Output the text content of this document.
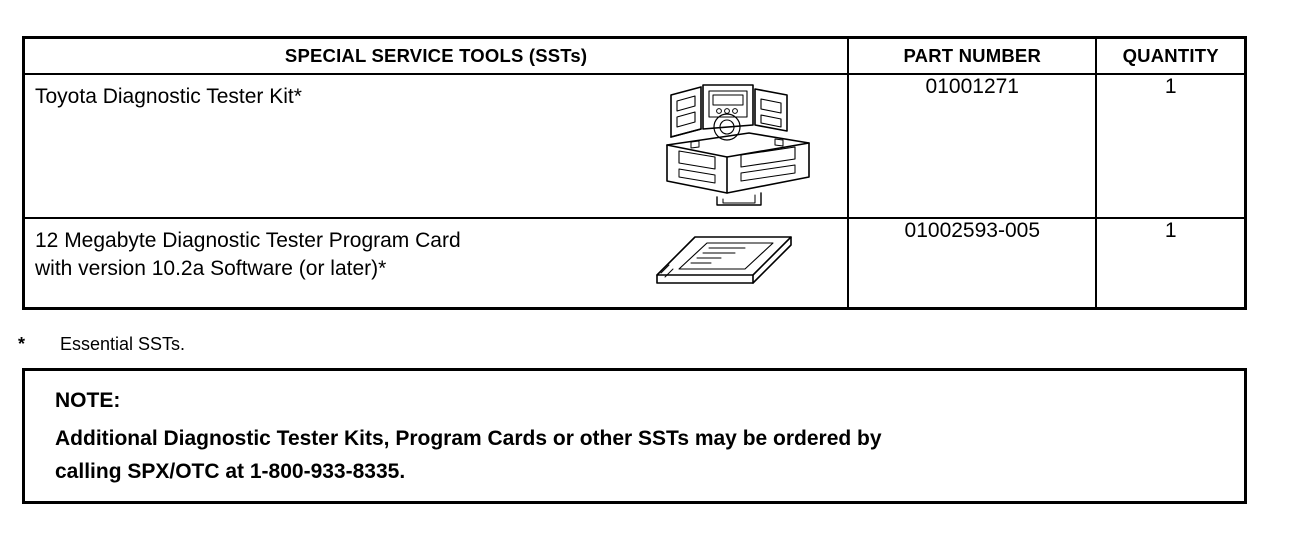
SPECIAL SERVICE TOOLS (SSTs)	PART NUMBER	QUANTITY

Toyota Diagnostic Tester Kit*	01001271	1

12 Megabyte Diagnostic Tester Program Card
with version 10.2a Software (or later)*	01002593-005	1
* Essential SSTs.
NOTE:
Additional Diagnostic Tester Kits, Program Cards or other SSTs may be ordered by
calling SPX/OTC at 1-800-933-8335.
